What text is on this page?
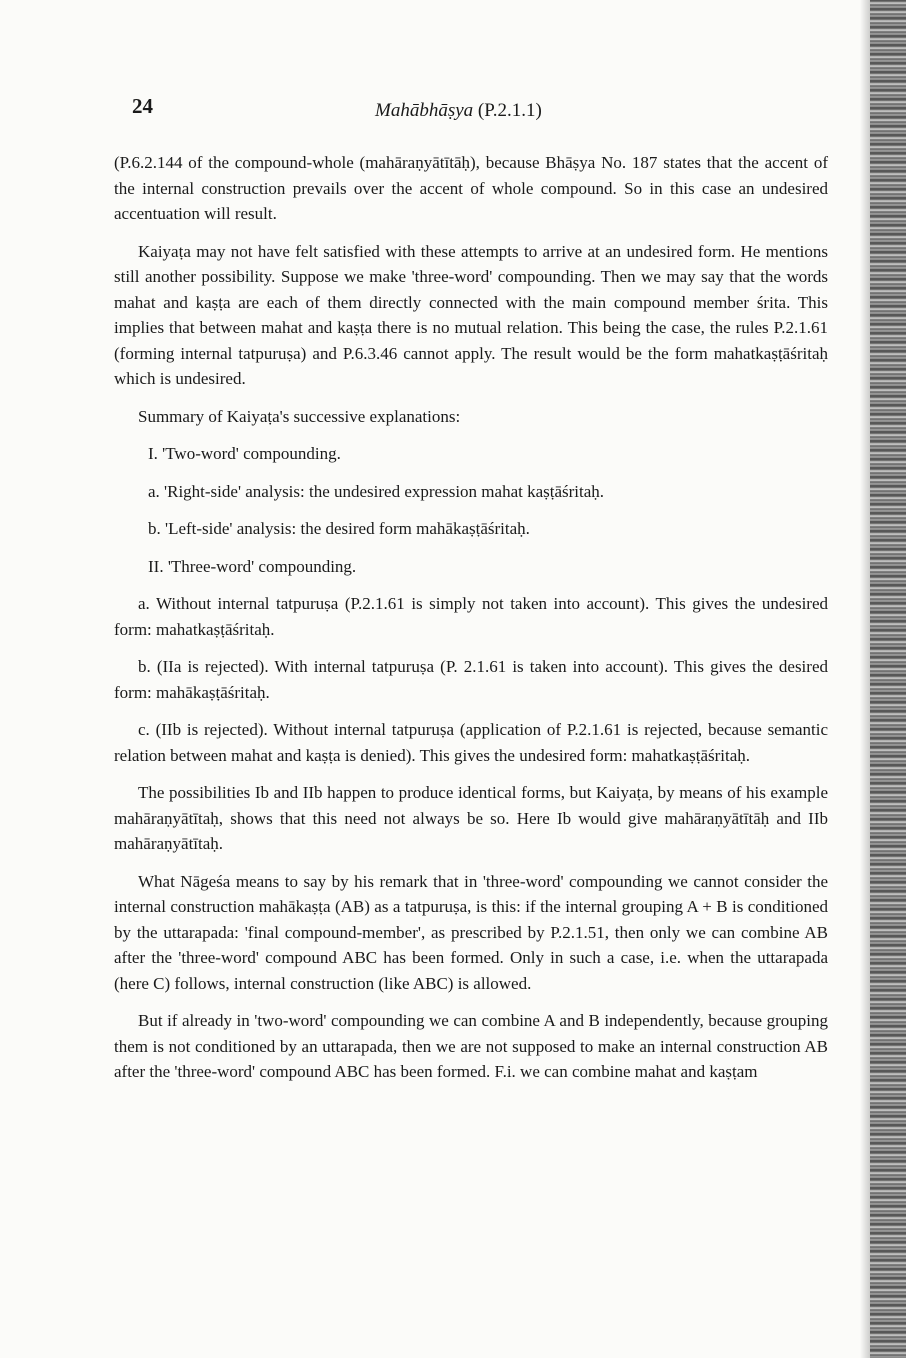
24	Mahābhāṣya (P.2.1.1)

(P.6.2.144 of the compound-whole (mahāraṇyātītāḥ), because Bhāṣya No. 187 states that the accent of the internal construction prevails over the accent of whole compound. So in this case an undesired accentuation will result.

Kaiyaṭa may not have felt satisfied with these attempts to arrive at an undesired form. He mentions still another possibility. Suppose we make 'three-word' compounding. Then we may say that the words mahat and kaṣṭa are each of them directly connected with the main compound member śrita. This implies that between mahat and kaṣṭa there is no mutual relation. This being the case, the rules P.2.1.61 (forming internal tatpuruṣa) and P.6.3.46 cannot apply. The result would be the form mahatkaṣṭāśritaḥ which is undesired.

Summary of Kaiyaṭa's successive explanations:

I. 'Two-word' compounding.

a. 'Right-side' analysis: the undesired expression mahat kaṣṭāśritaḥ.

b. 'Left-side' analysis: the desired form mahākaṣṭāśritaḥ.

II. 'Three-word' compounding.

a. Without internal tatpuruṣa (P.2.1.61 is simply not taken into account). This gives the undesired form: mahatkaṣṭāśritaḥ.

b. (IIa is rejected). With internal tatpuruṣa (P. 2.1.61 is taken into account). This gives the desired form: mahākaṣṭāśritaḥ.

c. (IIb is rejected). Without internal tatpuruṣa (application of P.2.1.61 is rejected, because semantic relation between mahat and kaṣṭa is denied). This gives the undesired form: mahatkaṣṭāśritaḥ.

The possibilities Ib and IIb happen to produce identical forms, but Kaiyaṭa, by means of his example mahāraṇyātītaḥ, shows that this need not always be so. Here Ib would give mahāraṇyātītāḥ and IIb mahāraṇyātītaḥ.

What Nāgeśa means to say by his remark that in 'three-word' compounding we cannot consider the internal construction mahākaṣṭa (AB) as a tatpuruṣa, is this: if the internal grouping A + B is conditioned by the uttarapada: 'final compound-member', as prescribed by P.2.1.51, then only we can combine AB after the 'three-word' compound ABC has been formed. Only in such a case, i.e. when the uttarapada (here C) follows, internal construction (like ABC) is allowed.

But if already in 'two-word' compounding we can combine A and B independently, because grouping them is not conditioned by an uttarapada, then we are not supposed to make an internal construction AB after the 'three-word' compound ABC has been formed. F.i. we can combine mahat and kaṣṭam
